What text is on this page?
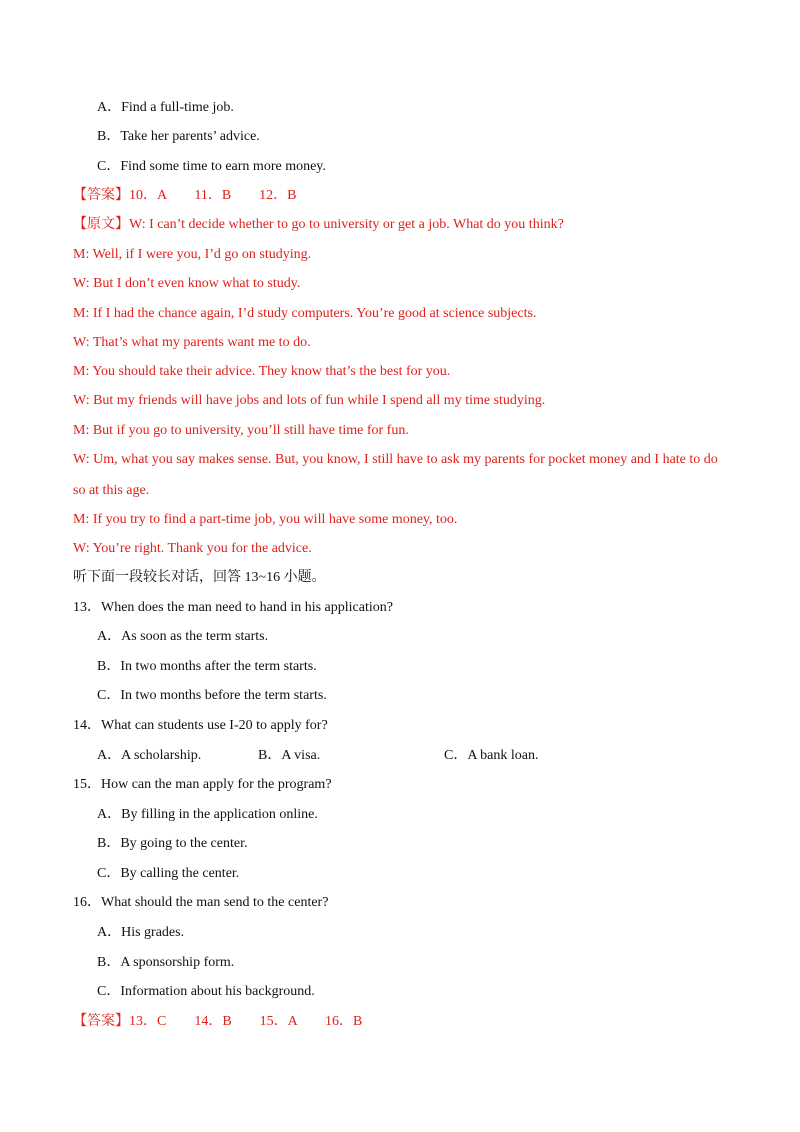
A．Find a full-time job.
B．Take her parents’ advice.
C．Find some time to earn more money.
【答案】10．A　　11．B　　12．B
【原文】W: I can’t decide whether to go to university or get a job. What do you think?
M: Well, if I were you, I’d go on studying.
W: But I don’t even know what to study.
M: If I had the chance again, I’d study computers. You’re good at science subjects.
W: That’s what my parents want me to do.
M: You should take their advice. They know that’s the best for you.
W: But my friends will have jobs and lots of fun while I spend all my time studying.
M: But if you go to university, you’ll still have time for fun.
W: Um, what you say makes sense. But, you know, I still have to ask my parents for pocket money and I hate to do
so at this age.
M: If you try to find a part-time job, you will have some money, too.
W: You’re right. Thank you for the advice.
听下面一段较长对话，回答 13~16 小题。
13．When does the man need to hand in his application?
A．As soon as the term starts.
B．In two months after the term starts.
C．In two months before the term starts.
14．What can students use I-20 to apply for?
A．A scholarship.	B．A visa.	C．A bank loan.
15．How can the man apply for the program?
A．By filling in the application online.
B．By going to the center.
C．By calling the center.
16．What should the man send to the center?
A．His grades.
B．A sponsorship form.
C．Information about his background.
【答案】13．C　　14．B　　15．A　　16．B
